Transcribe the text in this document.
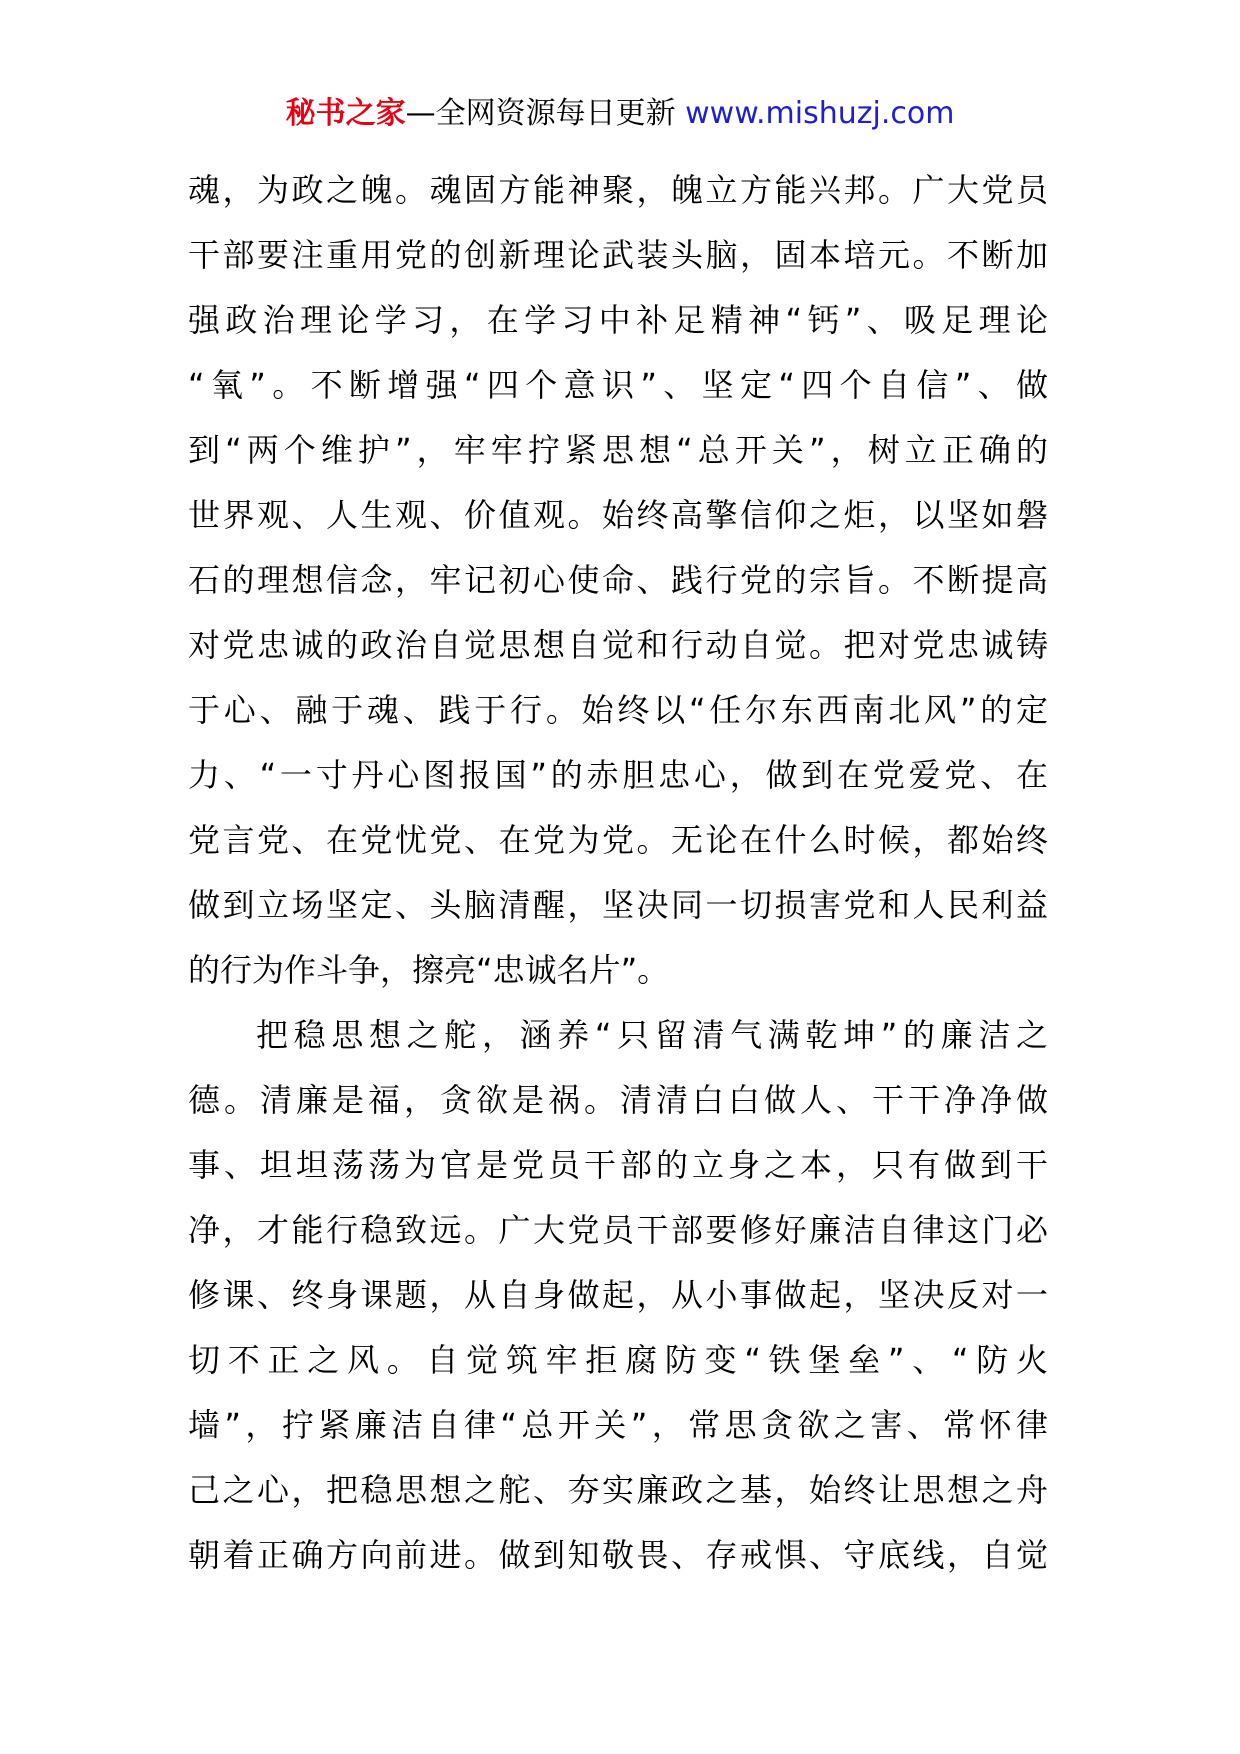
秘书之家—全网资源每日更新 www.mishuzj.com
魂，为政之魄。魂固方能神聚，魄立方能兴邦。广大党员
干部要注重用党的创新理论武装头脑，固本培元。不断加
强政治理论学习，在学习中补足精神“钙”、吸足理论
“氧”。不断增强“四个意识”、坚定“四个自信”、做
到“两个维护”，牢牢拧紧思想“总开关”，树立正确的
世界观、人生观、价值观。始终高擎信仰之炬，以坚如磐
石的理想信念，牢记初心使命、践行党的宗旨。不断提高
对党忠诚的政治自觉思想自觉和行动自觉。把对党忠诚铸
于心、融于魂、践于行。始终以“任尔东西南北风”的定
力、“一寸丹心图报国”的赤胆忠心，做到在党爱党、在
党言党、在党忧党、在党为党。无论在什么时候，都始终
做到立场坚定、头脑清醒，坚决同一切损害党和人民利益
的行为作斗争，擦亮“忠诚名片”。
把稳思想之舵，涵养“只留清气满乾坤”的廉洁之
德。清廉是福，贪欲是祸。清清白白做人、干干净净做
事、坦坦荡荡为官是党员干部的立身之本，只有做到干
净，才能行稳致远。广大党员干部要修好廉洁自律这门必
修课、终身课题，从自身做起，从小事做起，坚决反对一
切不正之风。自觉筑牢拒腐防变“铁堡垒”、“防火
墙”，拧紧廉洁自律“总开关”，常思贪欲之害、常怀律
己之心，把稳思想之舵、夯实廉政之基，始终让思想之舟
朝着正确方向前进。做到知敬畏、存戒惧、守底线，自觉
